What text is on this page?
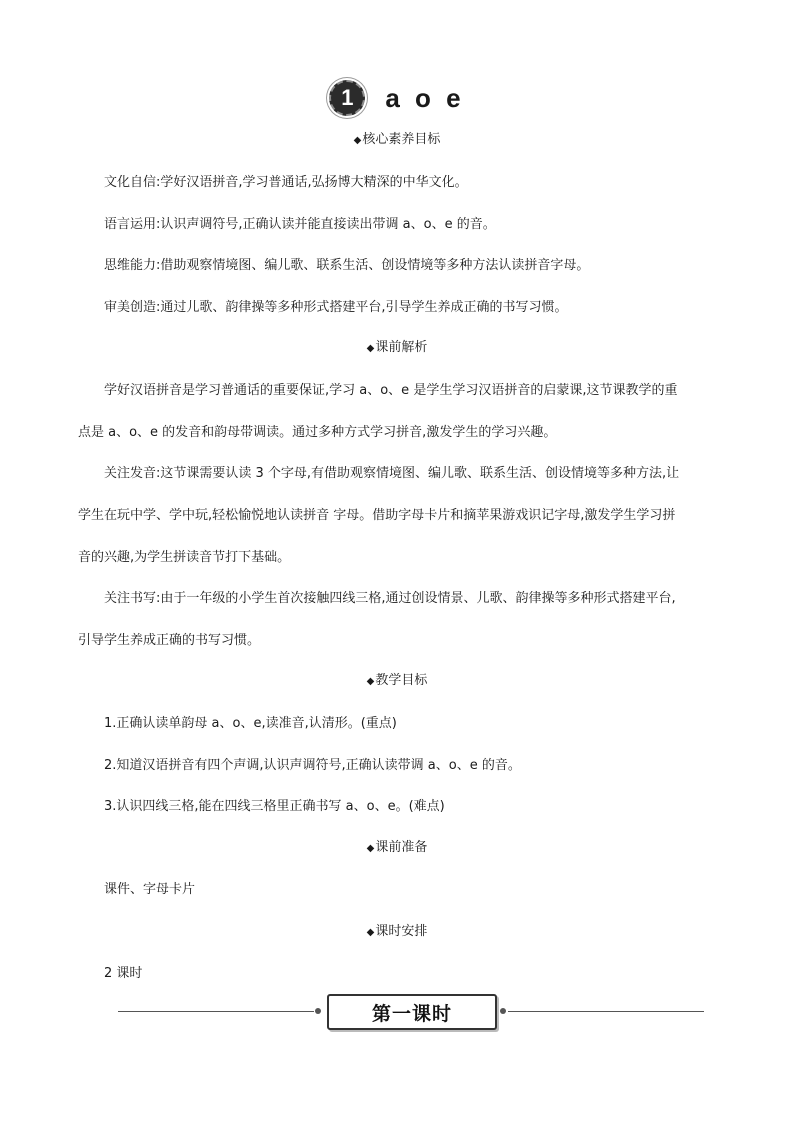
1	a o e
◆核心素养目标
文化自信:学好汉语拼音,学习普通话,弘扬博大精深的中华文化。
语言运用:认识声调符号,正确认读并能直接读出带调 a、o、e 的音。
思维能力:借助观察情境图、编儿歌、联系生活、创设情境等多种方法认读拼音字母。
审美创造:通过儿歌、韵律操等多种形式搭建平台,引导学生养成正确的书写习惯。
◆课前解析
学好汉语拼音是学习普通话的重要保证,学习 a、o、e 是学生学习汉语拼音的启蒙课,这节课教学的重
点是 a、o、e 的发音和韵母带调读。通过多种方式学习拼音,激发学生的学习兴趣。
关注发音:这节课需要认读 3 个字母,有借助观察情境图、编儿歌、联系生活、创设情境等多种方法,让
学生在玩中学、学中玩,轻松愉悦地认读拼音 字母。借助字母卡片和摘苹果游戏识记字母,激发学生学习拼
音的兴趣,为学生拼读音节打下基础。
关注书写:由于一年级的小学生首次接触四线三格,通过创设情景、儿歌、韵律操等多种形式搭建平台,
引导学生养成正确的书写习惯。
◆教学目标
1.正确认读单韵母 a、o、e,读准音,认清形。(重点)
2.知道汉语拼音有四个声调,认识声调符号,正确认读带调 a、o、e 的音。
3.认识四线三格,能在四线三格里正确书写 a、o、e。(难点)
◆课前准备
课件、字母卡片
◆课时安排
2 课时
第一课时
